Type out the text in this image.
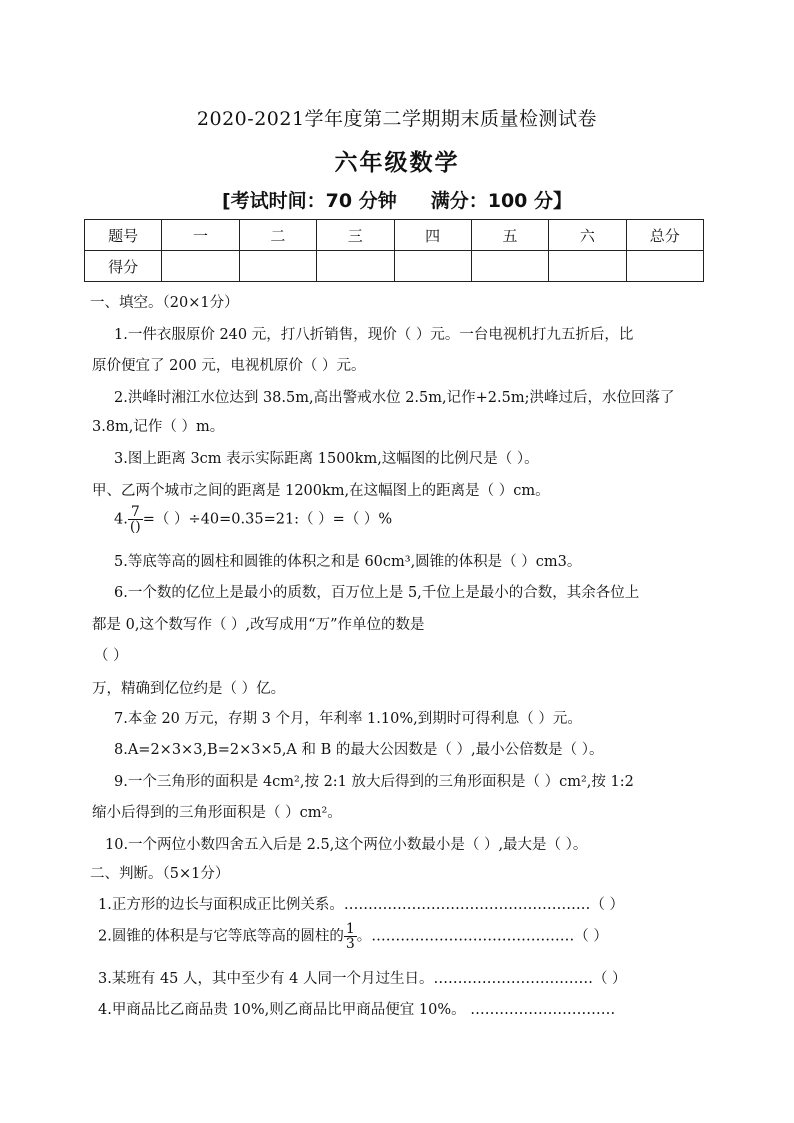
2020-2021学年度第二学期期末质量检测试卷
六年级数学
[考试时间：70 分钟 满分：100 分】
题号	一	二	三	四	五	六	总分
得分							
一、填空。（20×1分）
1.一件衣服原价 240 元，打八折销售，现价（ ）元。一台电视机打九五折后，比
原价便宜了 200 元，电视机原价（ ）元。
2.洪峰时湘江水位达到 38.5m,高出警戒水位 2.5m,记作+2.5m;洪峰过后，水位回落了
3.8m,记作（ ）m。
3.图上距离 3cm 表示实际距离 1500km,这幅图的比例尺是（ ）。
甲、乙两个城市之间的距离是 1200km,在这幅图上的距离是（ ）cm。
4. $\frac{7}{()}$ =（ ）÷40=0.35=21:（ ）=（ ）%
5.等底等高的圆柱和圆锥的体积之和是 60cm³,圆锥的体积是（ ）cm3。
6.一个数的亿位上是最小的质数，百万位上是 5,千位上是最小的合数，其余各位上
都是 0,这个数写作（ ）,改写成用“万”作单位的数是
（ ）
万，精确到亿位约是（ ）亿。
7.本金 20 万元，存期 3 个月，年利率 1.10%,到期时可得利息（ ）元。
8.A=2×3×3,B=2×3×5,A 和 B 的最大公因数是（ ）,最小公倍数是（ ）。
9.一个三角形的面积是 4cm²,按 2:1 放大后得到的三角形面积是（ ）cm²,按 1:2
缩小后得到的三角形面积是（ ）cm²。
10.一个两位小数四舍五入后是 2.5,这个两位小数最小是（ ）,最大是（ ）。
二、判断。（5×1分）
1.正方形的边长与面积成正比例关系。……………………………………………（ ）
2.圆锥的体积是与它等底等高的圆柱的 $\frac{1}{3}$ 。……………………………………（ ）
3.某班有 45 人，其中至少有 4 人同一个月过生日。……………………………（ ）
4.甲商品比乙商品贵 10%,则乙商品比甲商品便宜 10%。 …………………………
